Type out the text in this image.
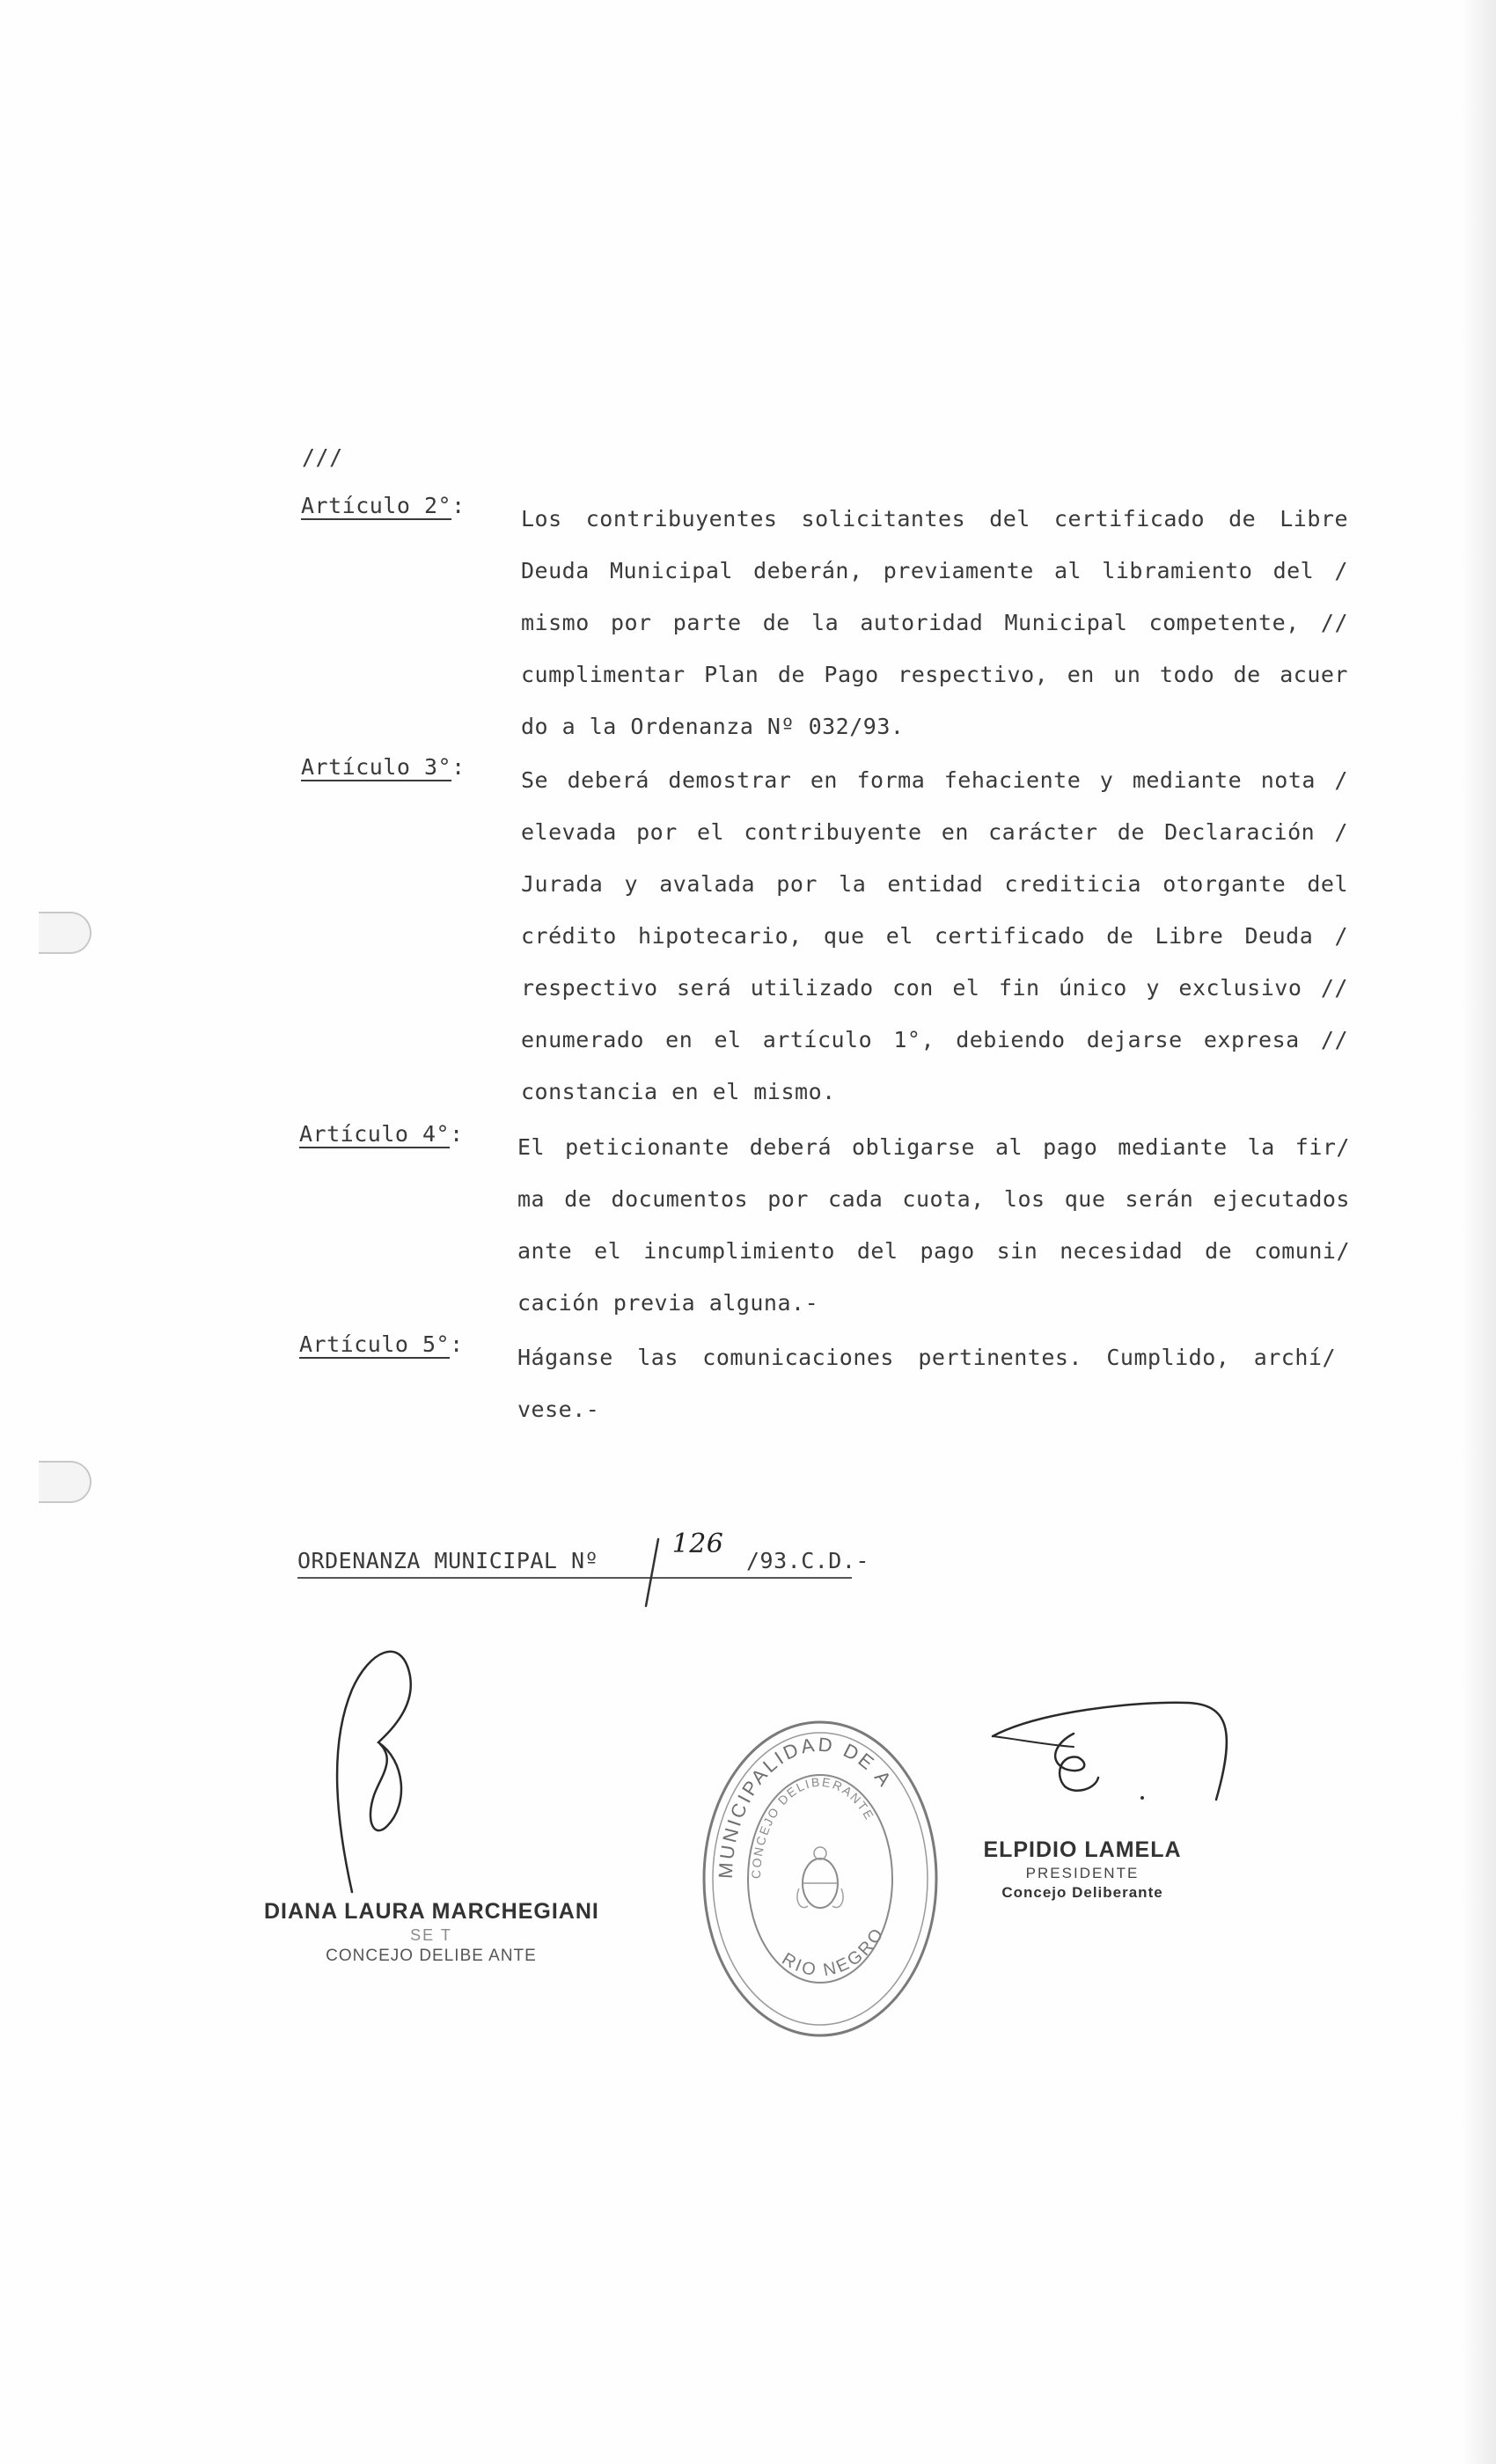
///
Artículo 2°:
Los contribuyentes solicitantes del certificado de Libre
Deuda Municipal deberán, previamente al libramiento del /
mismo por parte de la autoridad Municipal competente, //
cumplimentar Plan de Pago respectivo, en un todo de acuer
do a la Ordenanza Nº 032/93.
Artículo 3°:
Se deberá demostrar en forma fehaciente y mediante nota /
elevada por el contribuyente en carácter de Declaración /
Jurada y avalada por la entidad crediticia otorgante del
crédito hipotecario, que el certificado de Libre Deuda /
respectivo será utilizado con el fin único y exclusivo //
enumerado en el artículo 1°, debiendo dejarse expresa //
constancia en el mismo.
Artículo 4°:
El peticionante deberá obligarse al pago mediante la fir/
ma de documentos por cada cuota, los que serán ejecutados
ante el incumplimiento del pago sin necesidad de comuni/
cación previa alguna.-
Artículo 5°:
Háganse las comunicaciones pertinentes. Cumplido, archí/
vese.-
ORDENANZA MUNICIPAL Nº126/93.C.D.-
DIANA LAURA MARCHEGIANI
SE T
CONCEJO DELIBE ANTE
MUNICIPALIDAD DE A
CONCEJO DELIBERANTE
RIO NEGRO
ELPIDIO LAMELA
PRESIDENTE
Concejo Deliberante
